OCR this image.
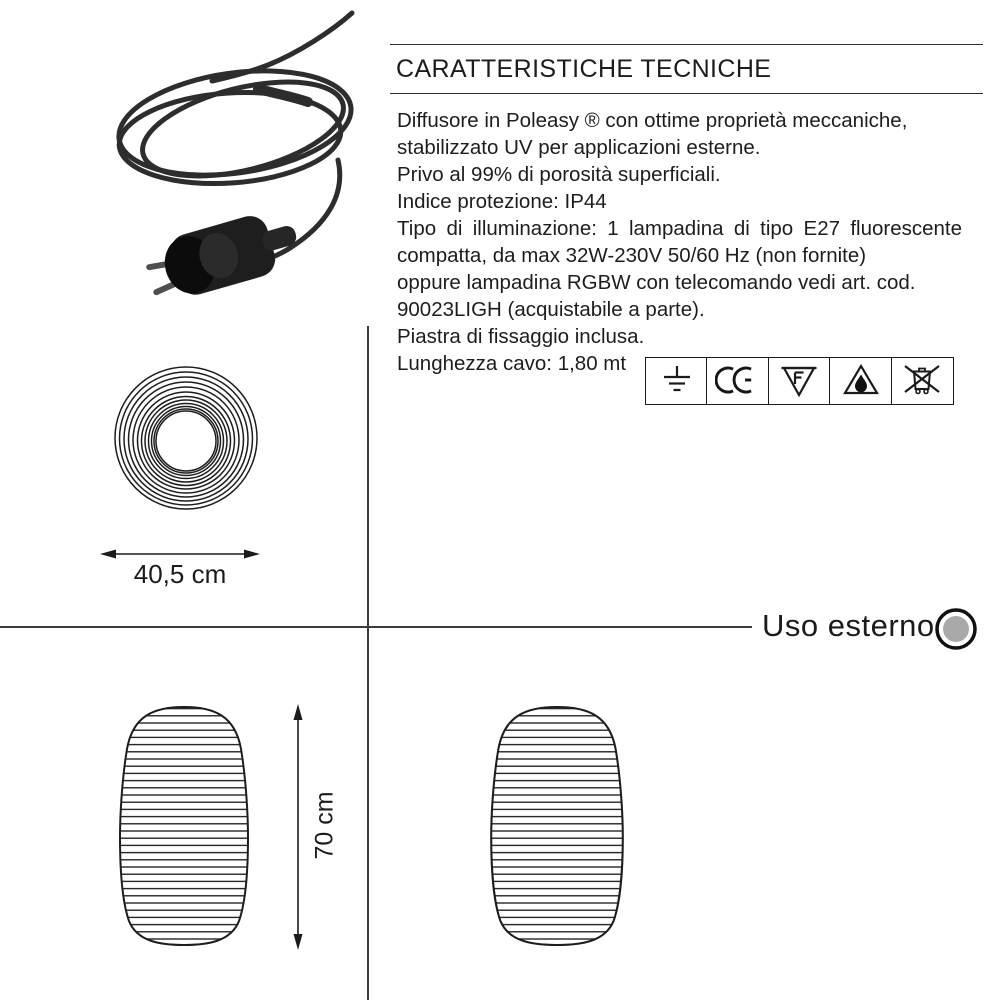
CARATTERISTICHE TECNICHE
Diffusore in Poleasy ® con ottime proprietà meccaniche,
stabilizzato UV per applicazioni esterne.
Privo al 99% di porosità superficiali.
Indice protezione: IP44
Tipo di illuminazione: 1 lampadina di tipo E27 fluorescente
compatta, da max 32W-230V 50/60 Hz (non fornite)
oppure lampadina RGBW con telecomando vedi art. cod.
90023LIGH (acquistabile a parte).
Piastra di fissaggio inclusa.
Lunghezza cavo: 1,80 mt
40,5 cm
Uso esterno
70 cm
